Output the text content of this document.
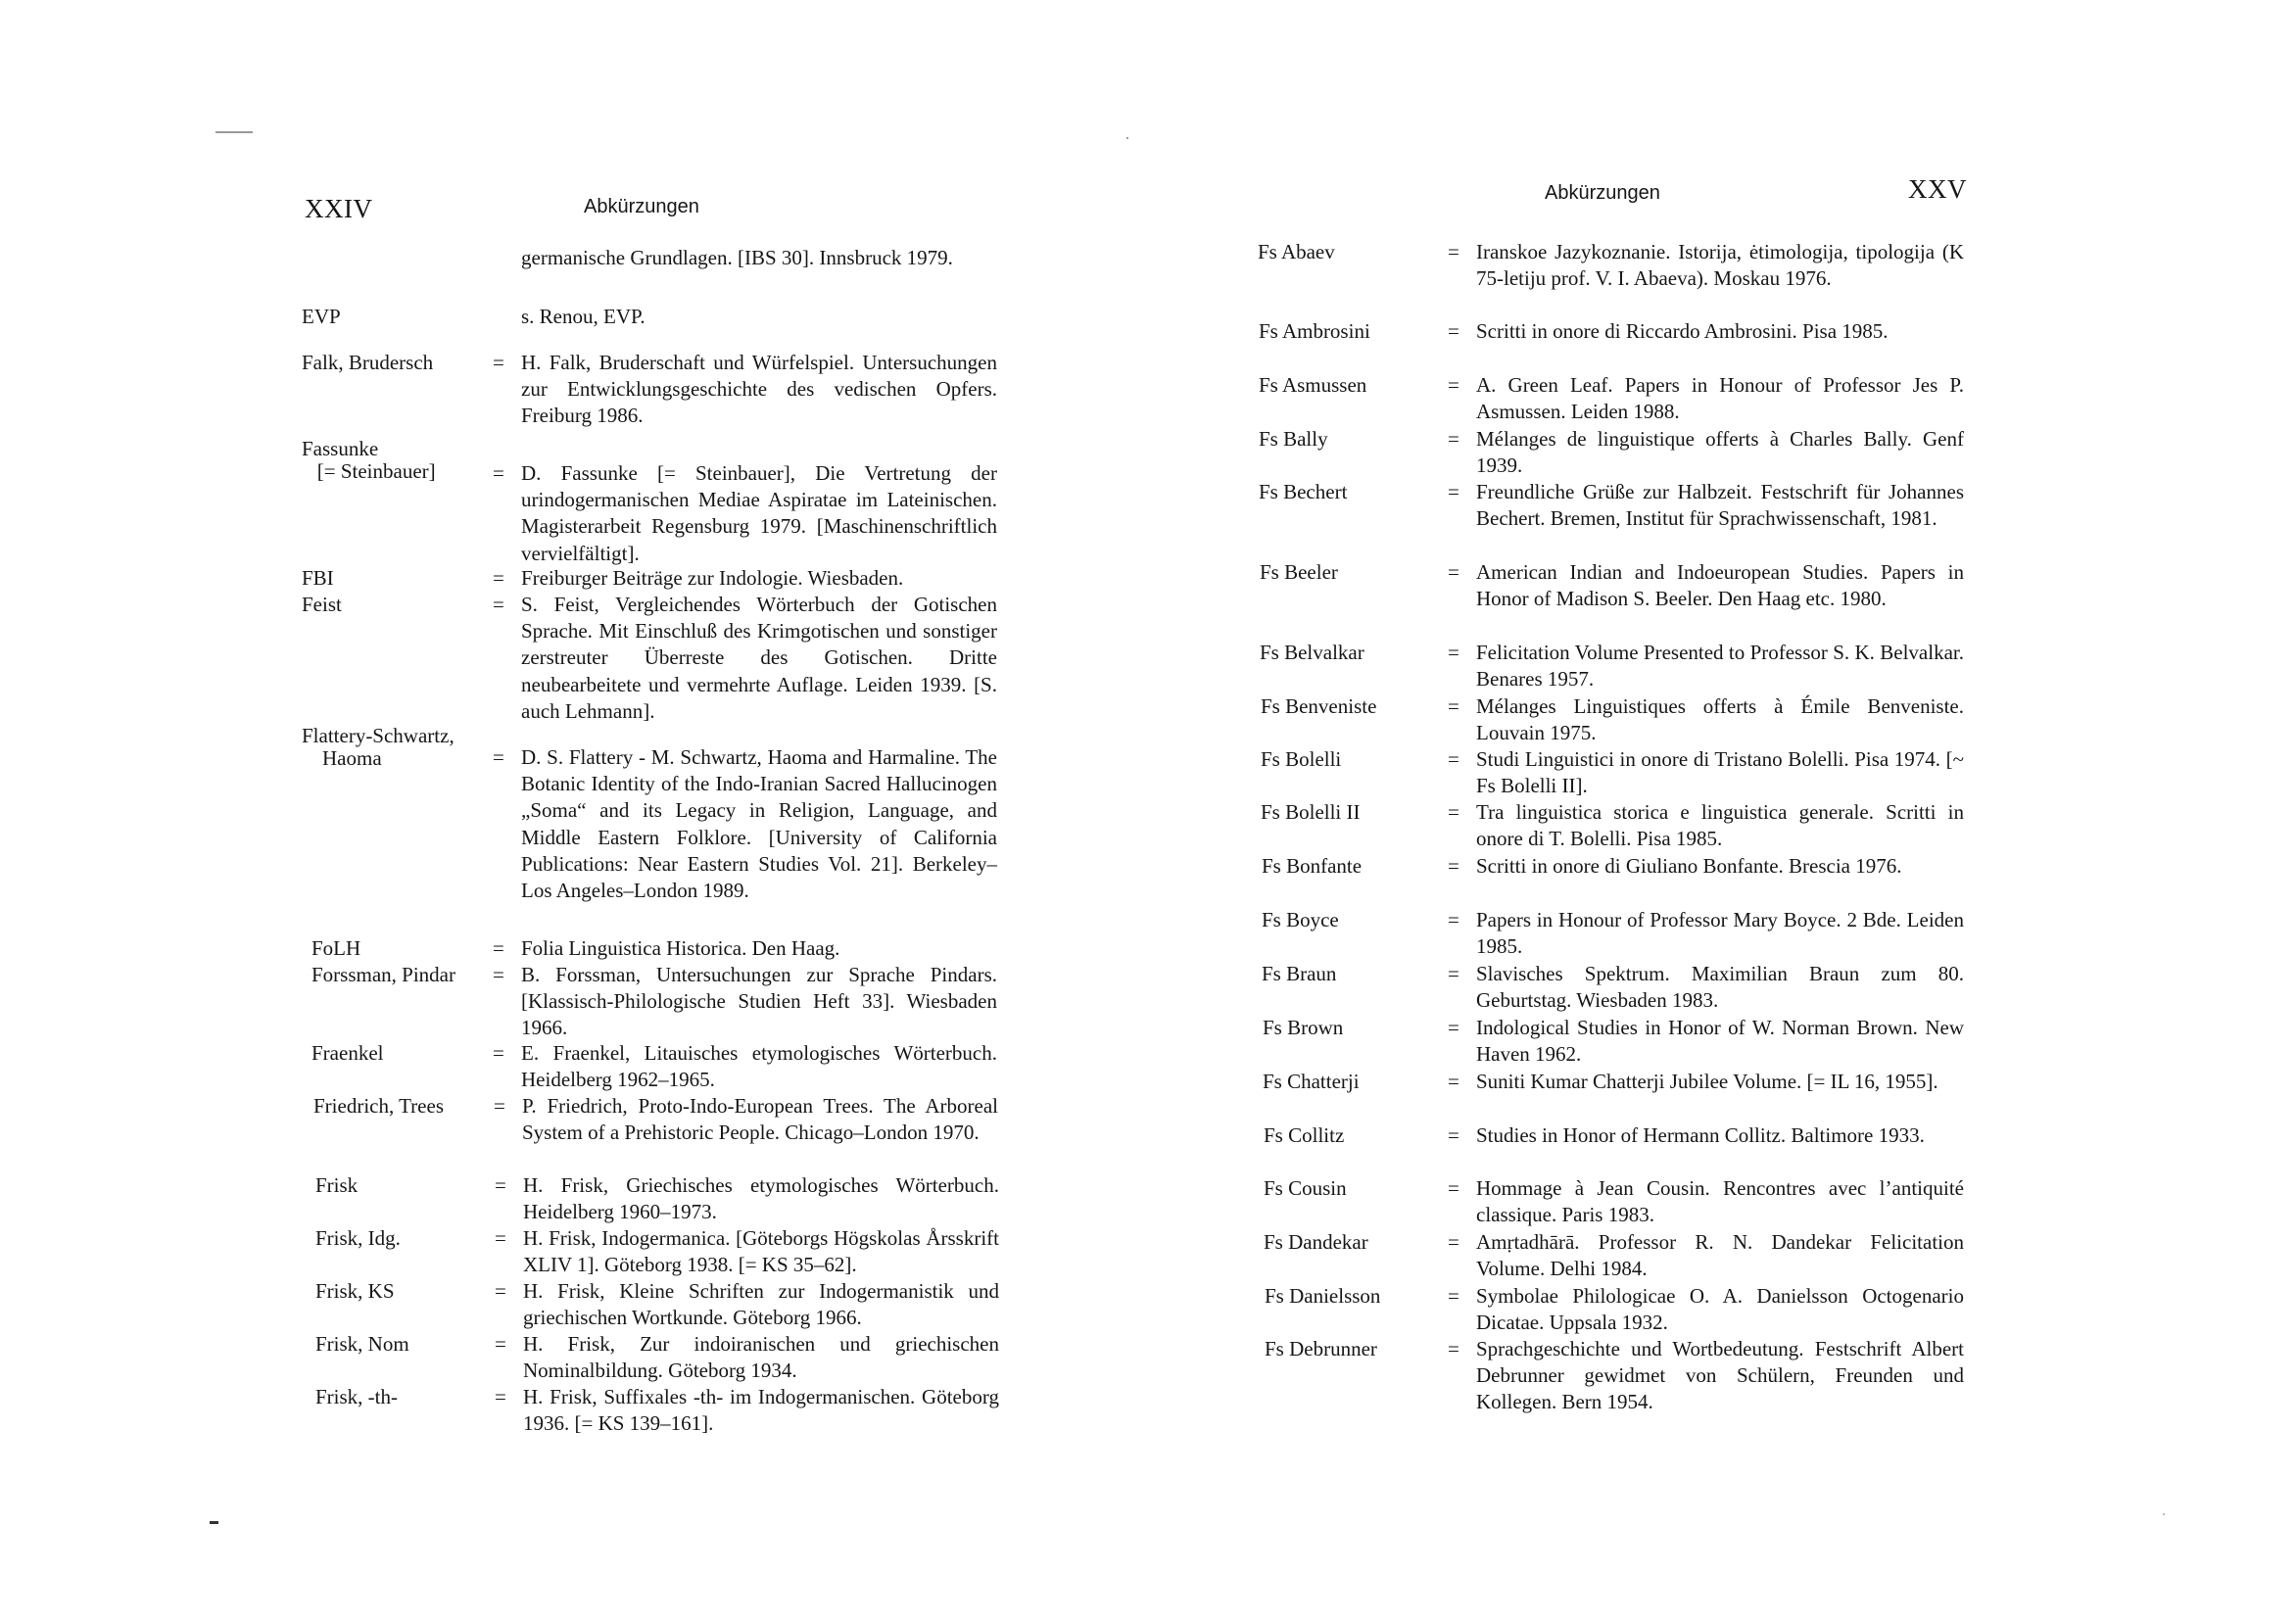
XXIV	Abkürzungen
germanische Grundlagen. [IBS 30]. Innsbruck 1979.
EVP	s. Renou, EVP.
Falk, Brudersch	= H. Falk, Bruderschaft und Würfelspiel. Untersuchungen zur Entwicklungsgeschichte des vedischen Opfers. Freiburg 1986.
Fassunke
[= Steinbauer]	= D. Fassunke [= Steinbauer], Die Vertretung der urindogermanischen Mediae Aspiratae im Lateinischen. Magisterarbeit Regensburg 1979. [Maschinenschriftlich vervielfältigt].
FBI	= Freiburger Beiträge zur Indologie. Wiesbaden.
Feist	= S. Feist, Vergleichendes Wörterbuch der Gotischen Sprache. Mit Einschluß des Krimgotischen und sonstiger zerstreuter Überreste des Gotischen. Dritte neubearbeitete und vermehrte Auflage. Leiden 1939. [S. auch Lehmann].
Flattery-Schwartz,
Haoma	= D. S. Flattery - M. Schwartz, Haoma and Harmaline. The Botanic Identity of the Indo-Iranian Sacred Hallucinogen „Soma“ and its Legacy in Religion, Language, and Middle Eastern Folklore. [University of California Publications: Near Eastern Studies Vol. 21]. Berkeley–Los Angeles–London 1989.
FoLH	= Folia Linguistica Historica. Den Haag.
Forssman, Pindar = B. Forssman, Untersuchungen zur Sprache Pindars. [Klassisch-Philologische Studien Heft 33]. Wiesbaden 1966.
Fraenkel	= E. Fraenkel, Litauisches etymologisches Wörterbuch. Heidelberg 1962–1965.
Friedrich, Trees = P. Friedrich, Proto-Indo-European Trees. The Arboreal System of a Prehistoric People. Chicago–London 1970.
Frisk	= H. Frisk, Griechisches etymologisches Wörterbuch. Heidelberg 1960–1973.
Frisk, Idg.	= H. Frisk, Indogermanica. [Göteborgs Högskolas Årsskrift XLIV 1]. Göteborg 1938. [= KS 35–62].
Frisk, KS	= H. Frisk, Kleine Schriften zur Indogermanistik und griechischen Wortkunde. Göteborg 1966.
Frisk, Nom	= H. Frisk, Zur indoiranischen und griechischen Nominalbildung. Göteborg 1934.
Frisk, -th-	= H. Frisk, Suffixales -th- im Indogermanischen. Göteborg 1936. [= KS 139–161].
Abkürzungen	XXV
Fs Abaev	= Iranskoe Jazykoznanie. Istorija, ėtimologija, tipologija (K 75-letiju prof. V. I. Abaeva). Moskau 1976.
Fs Ambrosini	= Scritti in onore di Riccardo Ambrosini. Pisa 1985.
Fs Asmussen	= A. Green Leaf. Papers in Honour of Professor Jes P. Asmussen. Leiden 1988.
Fs Bally	= Mélanges de linguistique offerts à Charles Bally. Genf 1939.
Fs Bechert	= Freundliche Grüße zur Halbzeit. Festschrift für Johannes Bechert. Bremen, Institut für Sprachwissenschaft, 1981.
Fs Beeler	= American Indian and Indoeuropean Studies. Papers in Honor of Madison S. Beeler. Den Haag etc. 1980.
Fs Belvalkar	= Felicitation Volume Presented to Professor S. K. Belvalkar. Benares 1957.
Fs Benveniste	= Mélanges Linguistiques offerts à Émile Benveniste. Louvain 1975.
Fs Bolelli	= Studi Linguistici in onore di Tristano Bolelli. Pisa 1974. [~ Fs Bolelli II].
Fs Bolelli II	= Tra linguistica storica e linguistica generale. Scritti in onore di T. Bolelli. Pisa 1985.
Fs Bonfante	= Scritti in onore di Giuliano Bonfante. Brescia 1976.
Fs Boyce	= Papers in Honour of Professor Mary Boyce. 2 Bde. Leiden 1985.
Fs Braun	= Slavisches Spektrum. Maximilian Braun zum 80. Geburtstag. Wiesbaden 1983.
Fs Brown	= Indological Studies in Honor of W. Norman Brown. New Haven 1962.
Fs Chatterji	= Suniti Kumar Chatterji Jubilee Volume. [= IL 16, 1955].
Fs Collitz	= Studies in Honor of Hermann Collitz. Baltimore 1933.
Fs Cousin	= Hommage à Jean Cousin. Rencontres avec l’antiquité classique. Paris 1983.
Fs Dandekar	= Amṛtadhārā. Professor R. N. Dandekar Felicitation Volume. Delhi 1984.
Fs Danielsson	= Symbolae Philologicae O. A. Danielsson Octogenario Dicatae. Uppsala 1932.
Fs Debrunner	= Sprachgeschichte und Wortbedeutung. Festschrift Albert Debrunner gewidmet von Schülern, Freunden und Kollegen. Bern 1954.
